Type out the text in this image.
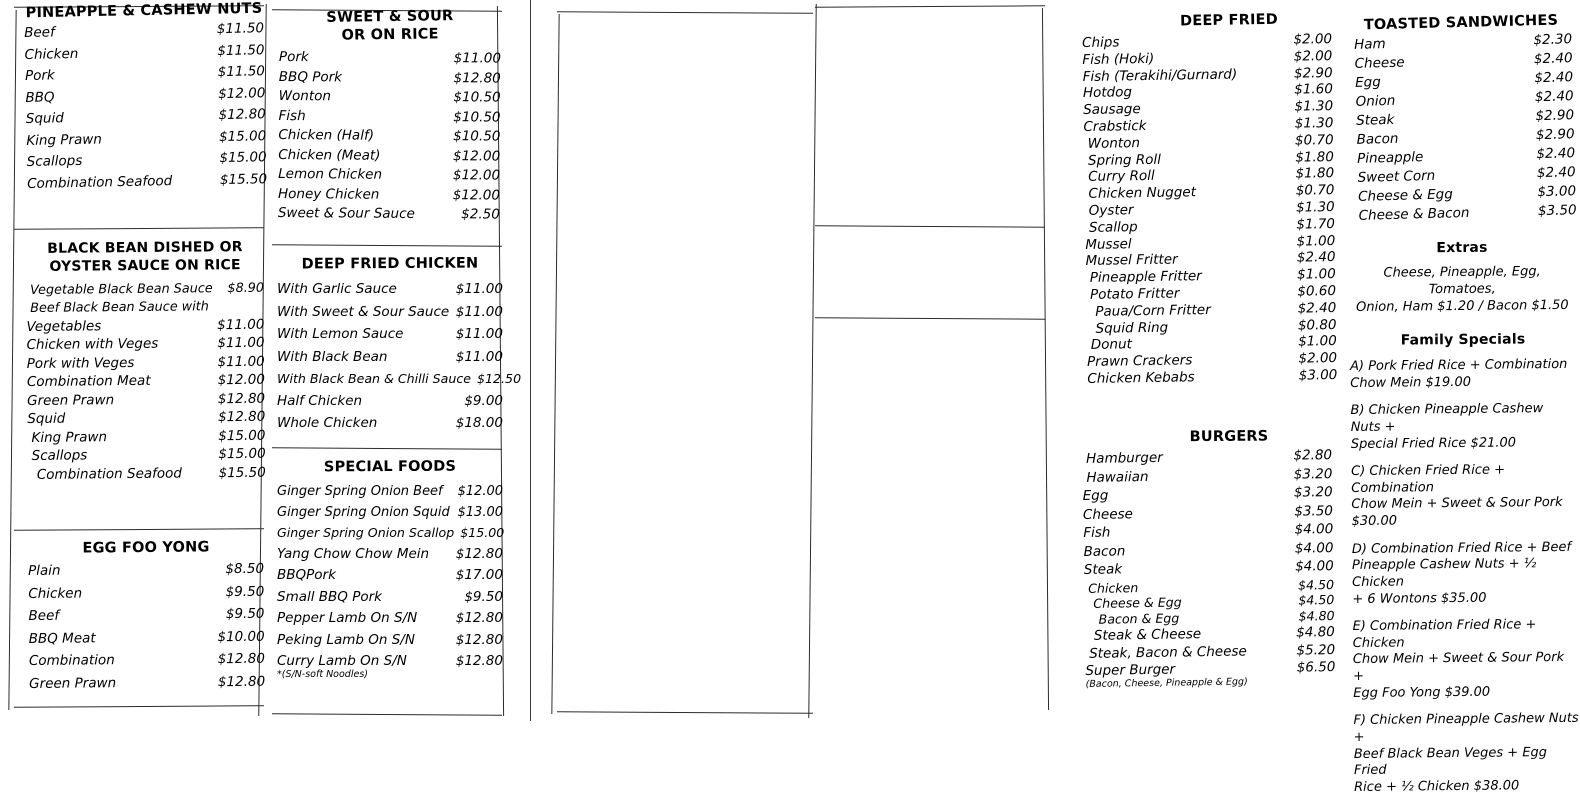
PINEAPPLE & CASHEW NUTS
Beef	$11.50
Chicken	$11.50
Pork	$11.50
BBQ	$12.00
Squid	$12.80
King Prawn	$15.00
Scallops	$15.00
Combination Seafood	$15.50
BLACK BEAN DISHED OR
OYSTER SAUCE ON RICE
Vegetable Black Bean Sauce	$8.90
Beef Black Bean Sauce with
Vegetables	$11.00
Chicken with Veges	$11.00
Pork with Veges	$11.00
Combination Meat	$12.00
Green Prawn	$12.80
Squid	$12.80
King Prawn	$15.00
Scallops	$15.00
Combination Seafood	$15.50
EGG FOO YONG
Plain	$8.50
Chicken	$9.50
Beef	$9.50
BBQ Meat	$10.00
Combination	$12.80
Green Prawn	$12.80
SWEET & SOUR
OR ON RICE
Pork	$11.00
BBQ Pork	$12.80
Wonton	$10.50
Fish	$10.50
Chicken (Half)	$10.50
Chicken (Meat)	$12.00
Lemon Chicken	$12.00
Honey Chicken	$12.00
Sweet & Sour Sauce	$2.50
DEEP FRIED CHICKEN
With Garlic Sauce	$11.00
With Sweet & Sour Sauce $11.00
With Lemon Sauce	$11.00
With Black Bean	$11.00
With Black Bean & Chilli Sauce $12.50
Half Chicken	$9.00
Whole Chicken	$18.00
SPECIAL FOODS
Ginger Spring Onion Beef	$12.00
Ginger Spring Onion Squid $13.00
Ginger Spring Onion Scallop $15.00
Yang Chow Chow Mein	$12.80
BBQPork	$17.00
Small BBQ Pork	$9.50
Pepper Lamb On S/N	$12.80
Peking Lamb On S/N	$12.80
Curry Lamb On S/N	$12.80
*(S/N-soft Noodles)
DEEP FRIED
Chips	$2.00
Fish (Hoki)	$2.00
Fish (Terakihi/Gurnard)	$2.90
Hotdog	$1.60
Sausage	$1.30
Crabstick	$1.30
Wonton	$0.70
Spring Roll	$1.80
Curry Roll	$1.80
Chicken Nugget	$0.70
Oyster	$1.30
Scallop	$1.70
Mussel	$1.00
Mussel Fritter	$2.40
Pineapple Fritter	$1.00
Potato Fritter	$0.60
Paua/Corn Fritter	$2.40
Squid Ring	$0.80
Donut	$1.00
Prawn Crackers	$2.00
Chicken Kebabs	$3.00
BURGERS
Hamburger	$2.80
Hawaiian	$3.20
Egg	$3.20
Cheese	$3.50
Fish	$4.00
Bacon	$4.00
Steak	$4.00
Chicken	$4.50
Cheese & Egg	$4.50
Bacon & Egg	$4.80
Steak & Cheese	$4.80
Steak, Bacon & Cheese	$5.20
Super Burger	$6.50
(Bacon, Cheese, Pineapple & Egg)
TOASTED SANDWICHES
Ham	$2.30
Cheese	$2.40
Egg	$2.40
Onion	$2.40
Steak	$2.90
Bacon	$2.90
Pineapple	$2.40
Sweet Corn	$2.40
Cheese & Egg	$3.00
Cheese & Bacon	$3.50
Extras
Cheese, Pineapple, Egg, Tomatoes,
Onion, Ham $1.20 / Bacon $1.50
Family Specials
A) Pork Fried Rice + Combination
Chow Mein $19.00
B) Chicken Pineapple Cashew Nuts +
Special Fried Rice $21.00
C) Chicken Fried Rice + Combination
Chow Mein + Sweet & Sour Pork
$30.00
D) Combination Fried Rice + Beef
Pineapple Cashew Nuts + ½ Chicken
+ 6 Wontons $35.00
E) Combination Fried Rice + Chicken
Chow Mein + Sweet & Sour Pork +
Egg Foo Yong $39.00
F) Chicken Pineapple Cashew Nuts +
Beef Black Bean Veges + Egg Fried
Rice + ½ Chicken $38.00
